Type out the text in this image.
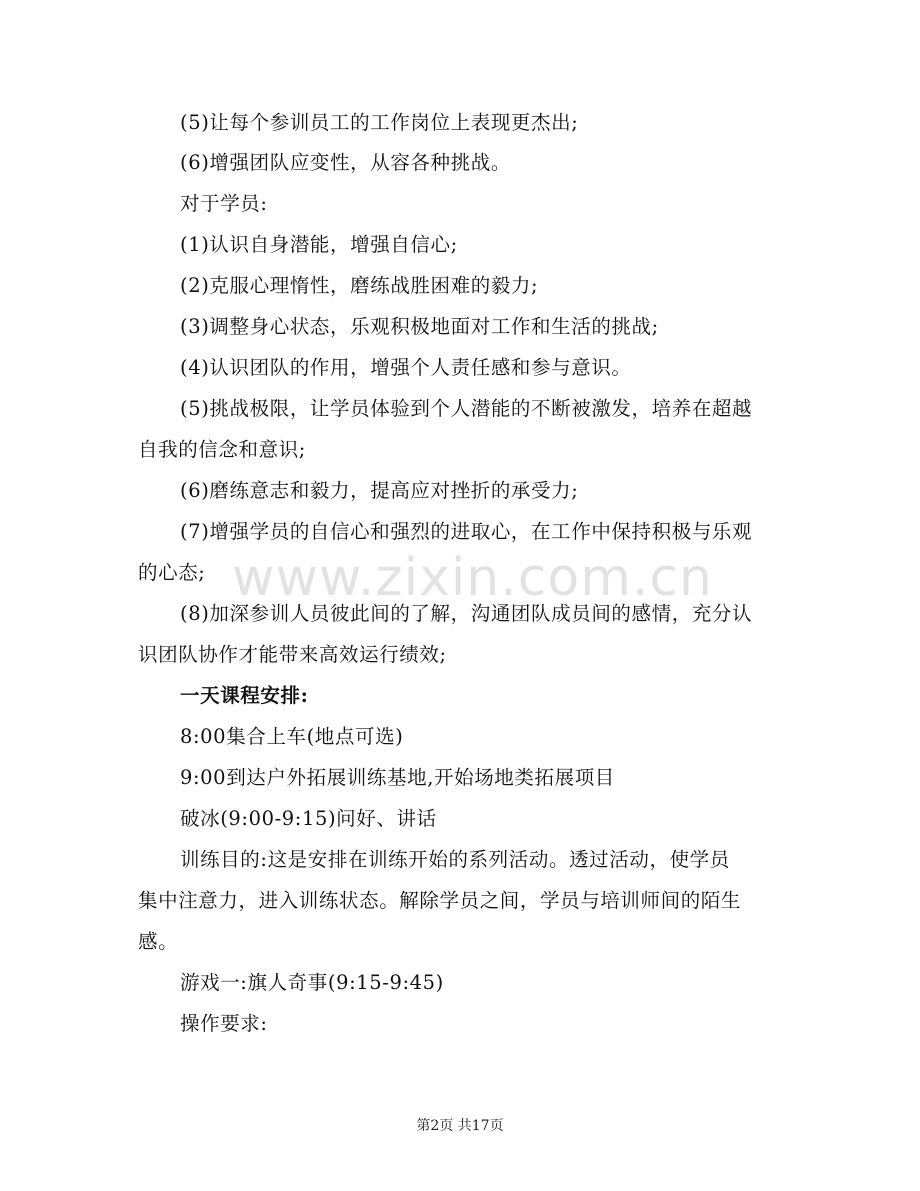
(5)让每个参训员工的工作岗位上表现更杰出;
(6)增强团队应变性，从容各种挑战。
对于学员:
(1)认识自身潜能，增强自信心;
(2)克服心理惰性，磨练战胜困难的毅力;
(3)调整身心状态，乐观积极地面对工作和生活的挑战;
(4)认识团队的作用，增强个人责任感和参与意识。
(5)挑战极限，让学员体验到个人潜能的不断被激发，培养在超越
自我的信念和意识;
(6)磨练意志和毅力，提高应对挫折的承受力;
(7)增强学员的自信心和强烈的进取心，在工作中保持积极与乐观
的心态;
(8)加深参训人员彼此间的了解，沟通团队成员间的感情，充分认
识团队协作才能带来高效运行绩效;
一天课程安排:
8:00集合上车(地点可选)
9:00到达户外拓展训练基地,开始场地类拓展项目
破冰(9:00-9:15)问好、讲话
训练目的:这是安排在训练开始的系列活动。透过活动，使学员
集中注意力，进入训练状态。解除学员之间，学员与培训师间的陌生
感。
游戏一:旗人奇事(9:15-9:45)
操作要求:
www.zixin.com.cn
第2页 共17页
